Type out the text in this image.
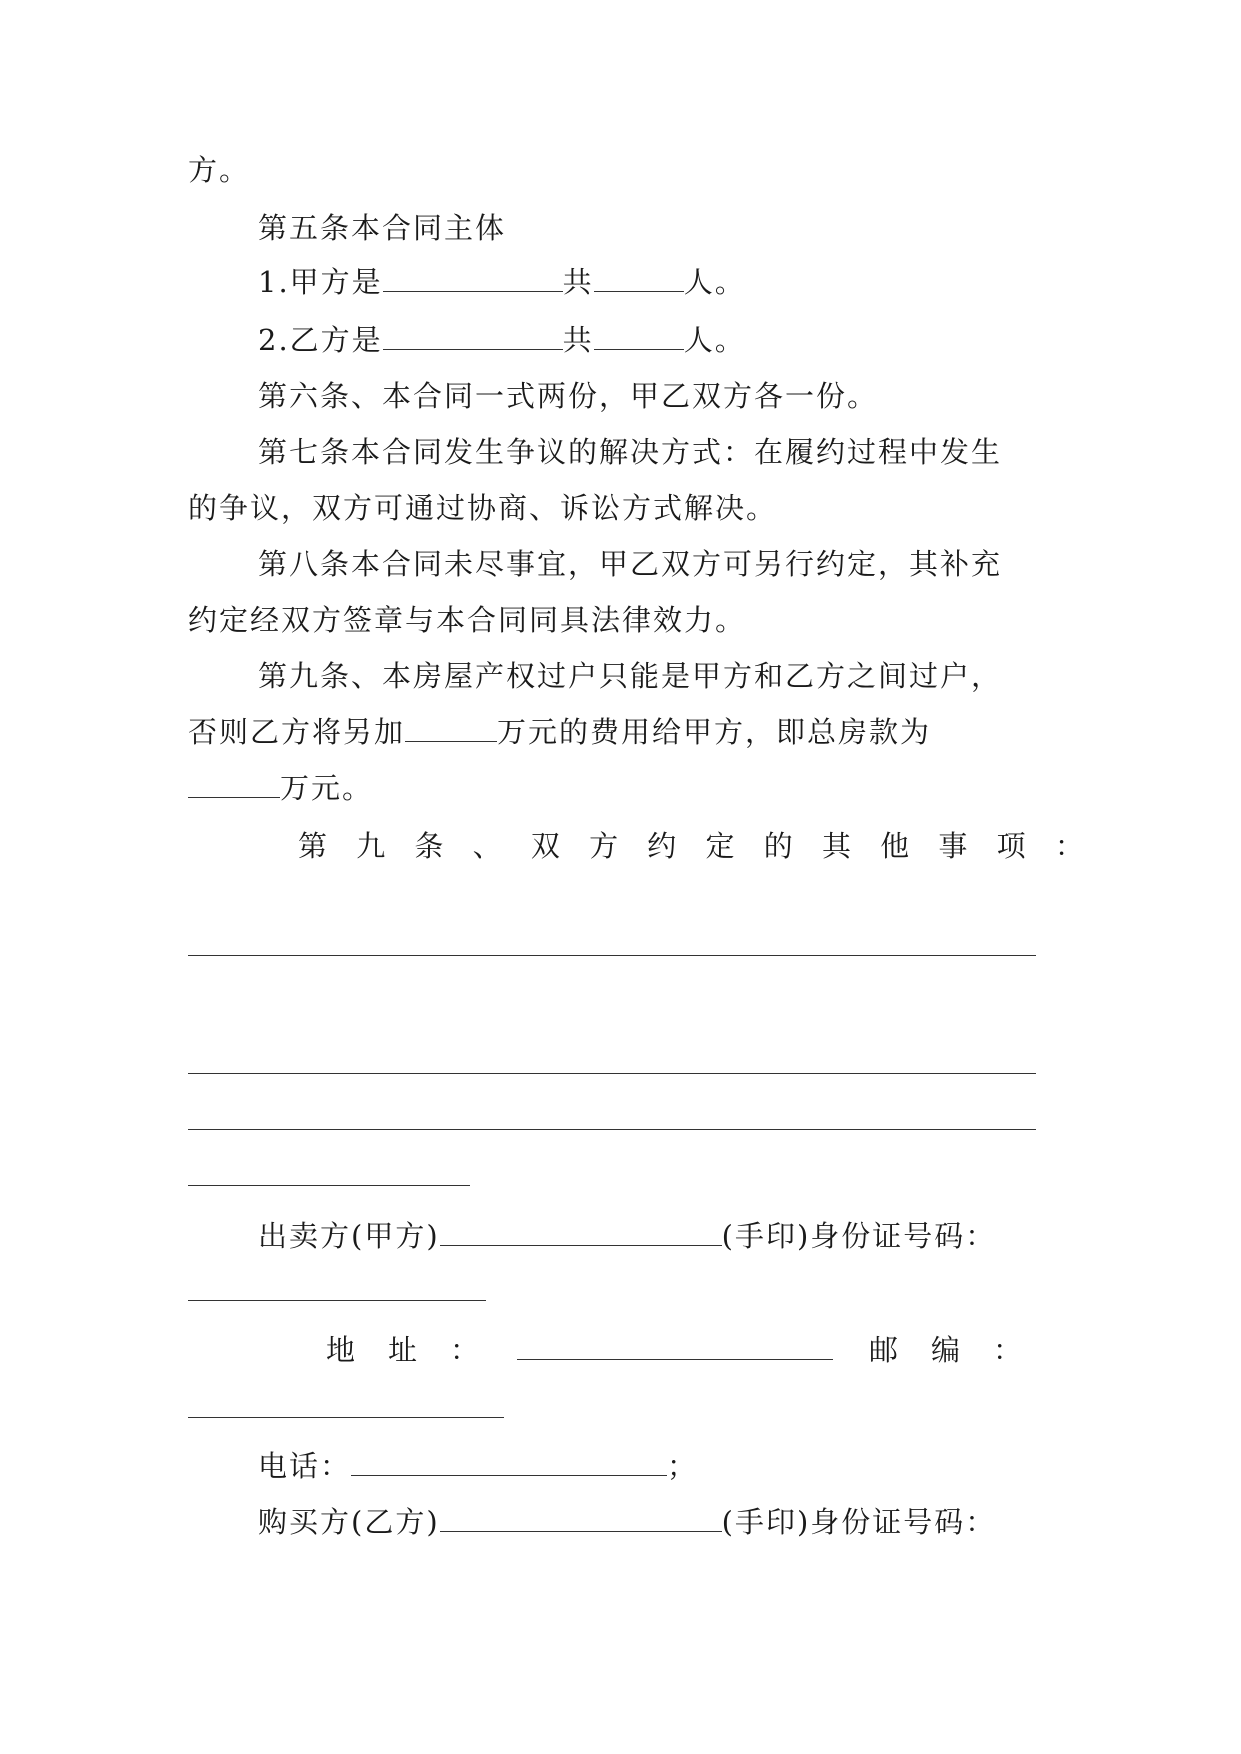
方。
第五条本合同主体
1.甲方是	共	人。
2.乙方是	共	人。
第六条、本合同一式两份，甲乙双方各一份。
第七条本合同发生争议的解决方式：在履约过程中发生
的争议，双方可通过协商、诉讼方式解决。
第八条本合同未尽事宜，甲乙双方可另行约定，其补充
约定经双方签章与本合同同具法律效力。
第九条、本房屋产权过户只能是甲方和乙方之间过户，
否则乙方将另加	万元的费用给甲方，即总房款为
万元。
第 九 条 、 双 方 约 定 的 其 他 事 项 ：
出卖方(甲方)	(手印)身份证号码：
地　址　：	邮　编　：
电话：	；
购买方(乙方)	(手印)身份证号码：
